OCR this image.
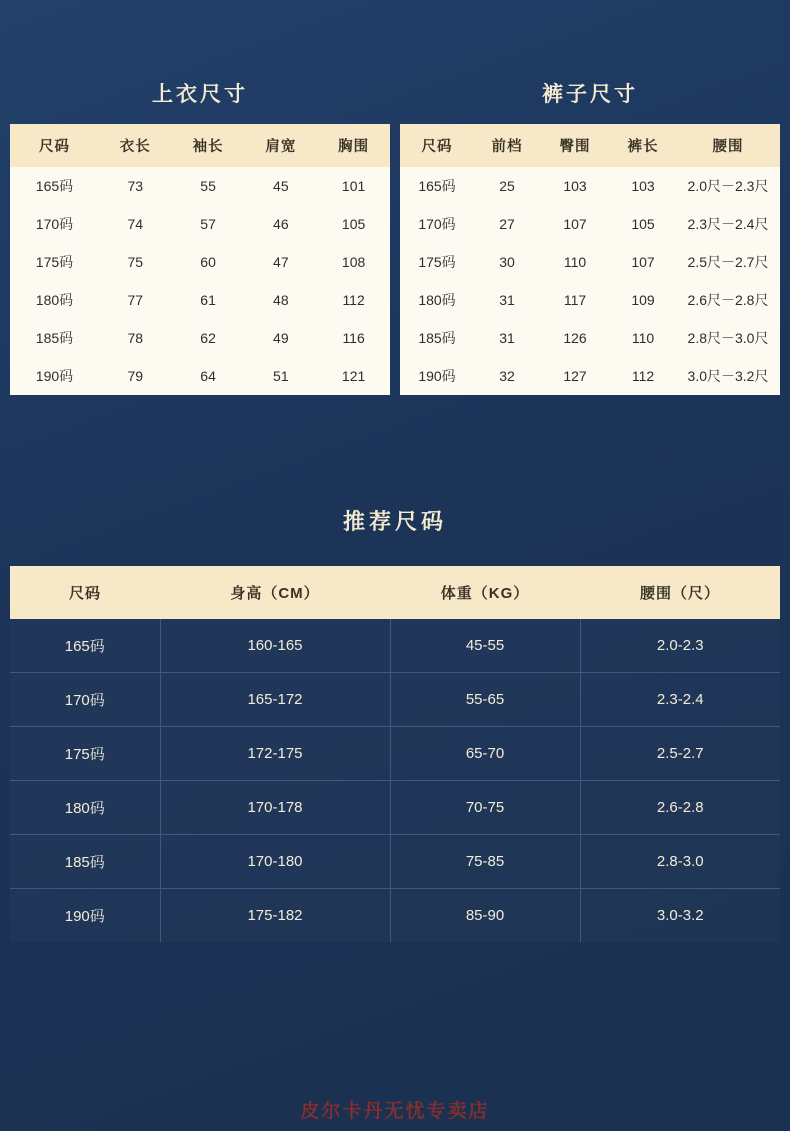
上衣尺寸
尺码	衣长	袖长	肩宽	胸围
165码	73	55	45	101
170码	74	57	46	105
175码	75	60	47	108
180码	77	61	48	112
185码	78	62	49	116
190码	79	64	51	121
裤子尺寸
尺码	前档	臀围	裤长	腰围
165码	25	103	103	2.0尺－2.3尺
170码	27	107	105	2.3尺－2.4尺
175码	30	110	107	2.5尺－2.7尺
180码	31	117	109	2.6尺－2.8尺
185码	31	126	110	2.8尺－3.0尺
190码	32	127	112	3.0尺－3.2尺
推荐尺码
尺码	身高（CM）	体重（KG）	腰围（尺）
165码	160-165	45-55	2.0-2.3
170码	165-172	55-65	2.3-2.4
175码	172-175	65-70	2.5-2.7
180码	170-178	70-75	2.6-2.8
185码	170-180	75-85	2.8-3.0
190码	175-182	85-90	3.0-3.2
皮尔卡丹无忧专卖店
